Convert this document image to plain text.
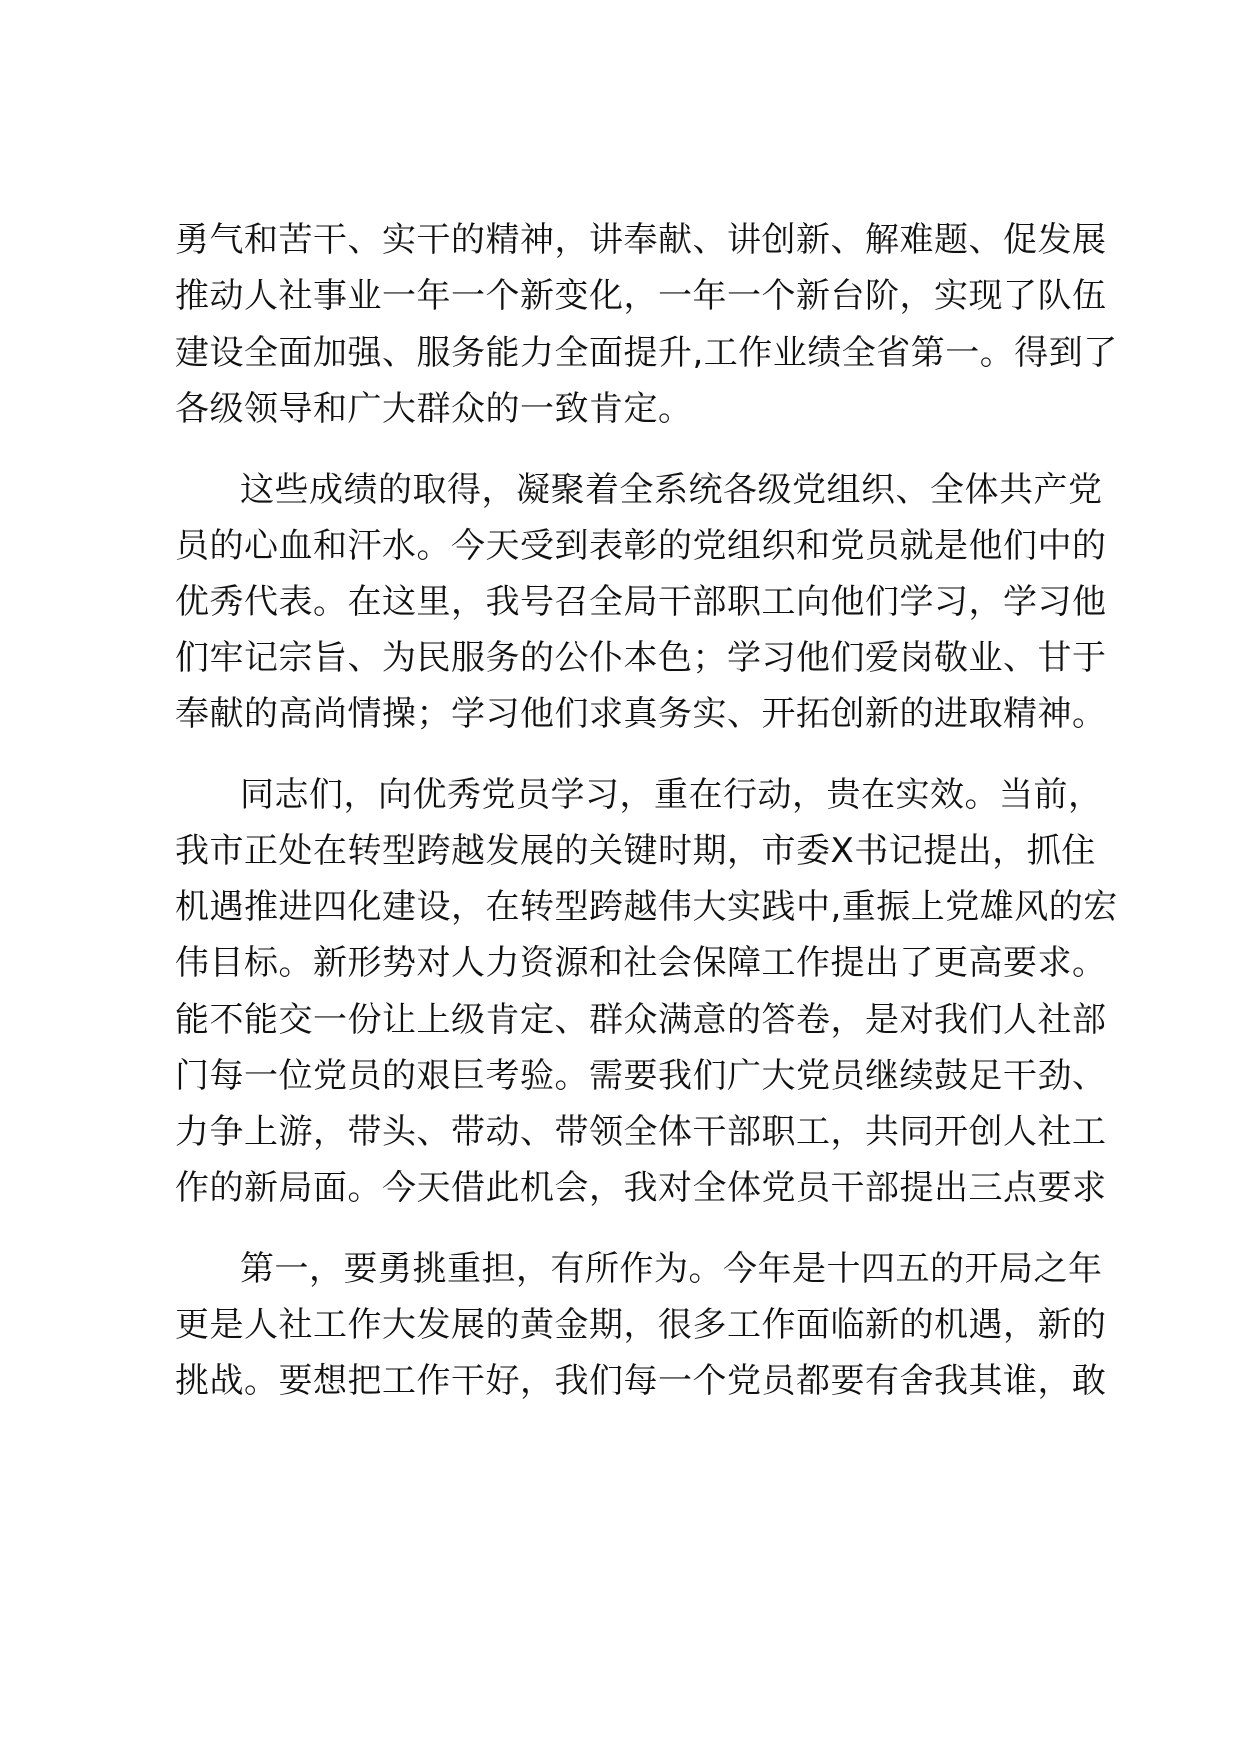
勇气和苦干、实干的精神，讲奉献、讲创新、解难题、促发展
推动人社事业一年一个新变化，一年一个新台阶，实现了队伍
建设全面加强、服务能力全面提升,工作业绩全省第一。得到了
各级领导和广大群众的一致肯定。
这些成绩的取得，凝聚着全系统各级党组织、全体共产党
员的心血和汗水。今天受到表彰的党组织和党员就是他们中的
优秀代表。在这里，我号召全局干部职工向他们学习，学习他
们牢记宗旨、为民服务的公仆本色；学习他们爱岗敬业、甘于
奉献的高尚情操；学习他们求真务实、开拓创新的进取精神。
同志们，向优秀党员学习，重在行动，贵在实效。当前，
我市正处在转型跨越发展的关键时期，市委X书记提出，抓住
机遇推进四化建设，在转型跨越伟大实践中,重振上党雄风的宏
伟目标。新形势对人力资源和社会保障工作提出了更高要求。
能不能交一份让上级肯定、群众满意的答卷，是对我们人社部
门每一位党员的艰巨考验。需要我们广大党员继续鼓足干劲、
力争上游，带头、带动、带领全体干部职工，共同开创人社工
作的新局面。今天借此机会，我对全体党员干部提出三点要求
第一，要勇挑重担，有所作为。今年是十四五的开局之年
更是人社工作大发展的黄金期，很多工作面临新的机遇，新的
挑战。要想把工作干好，我们每一个党员都要有舍我其谁，敢
